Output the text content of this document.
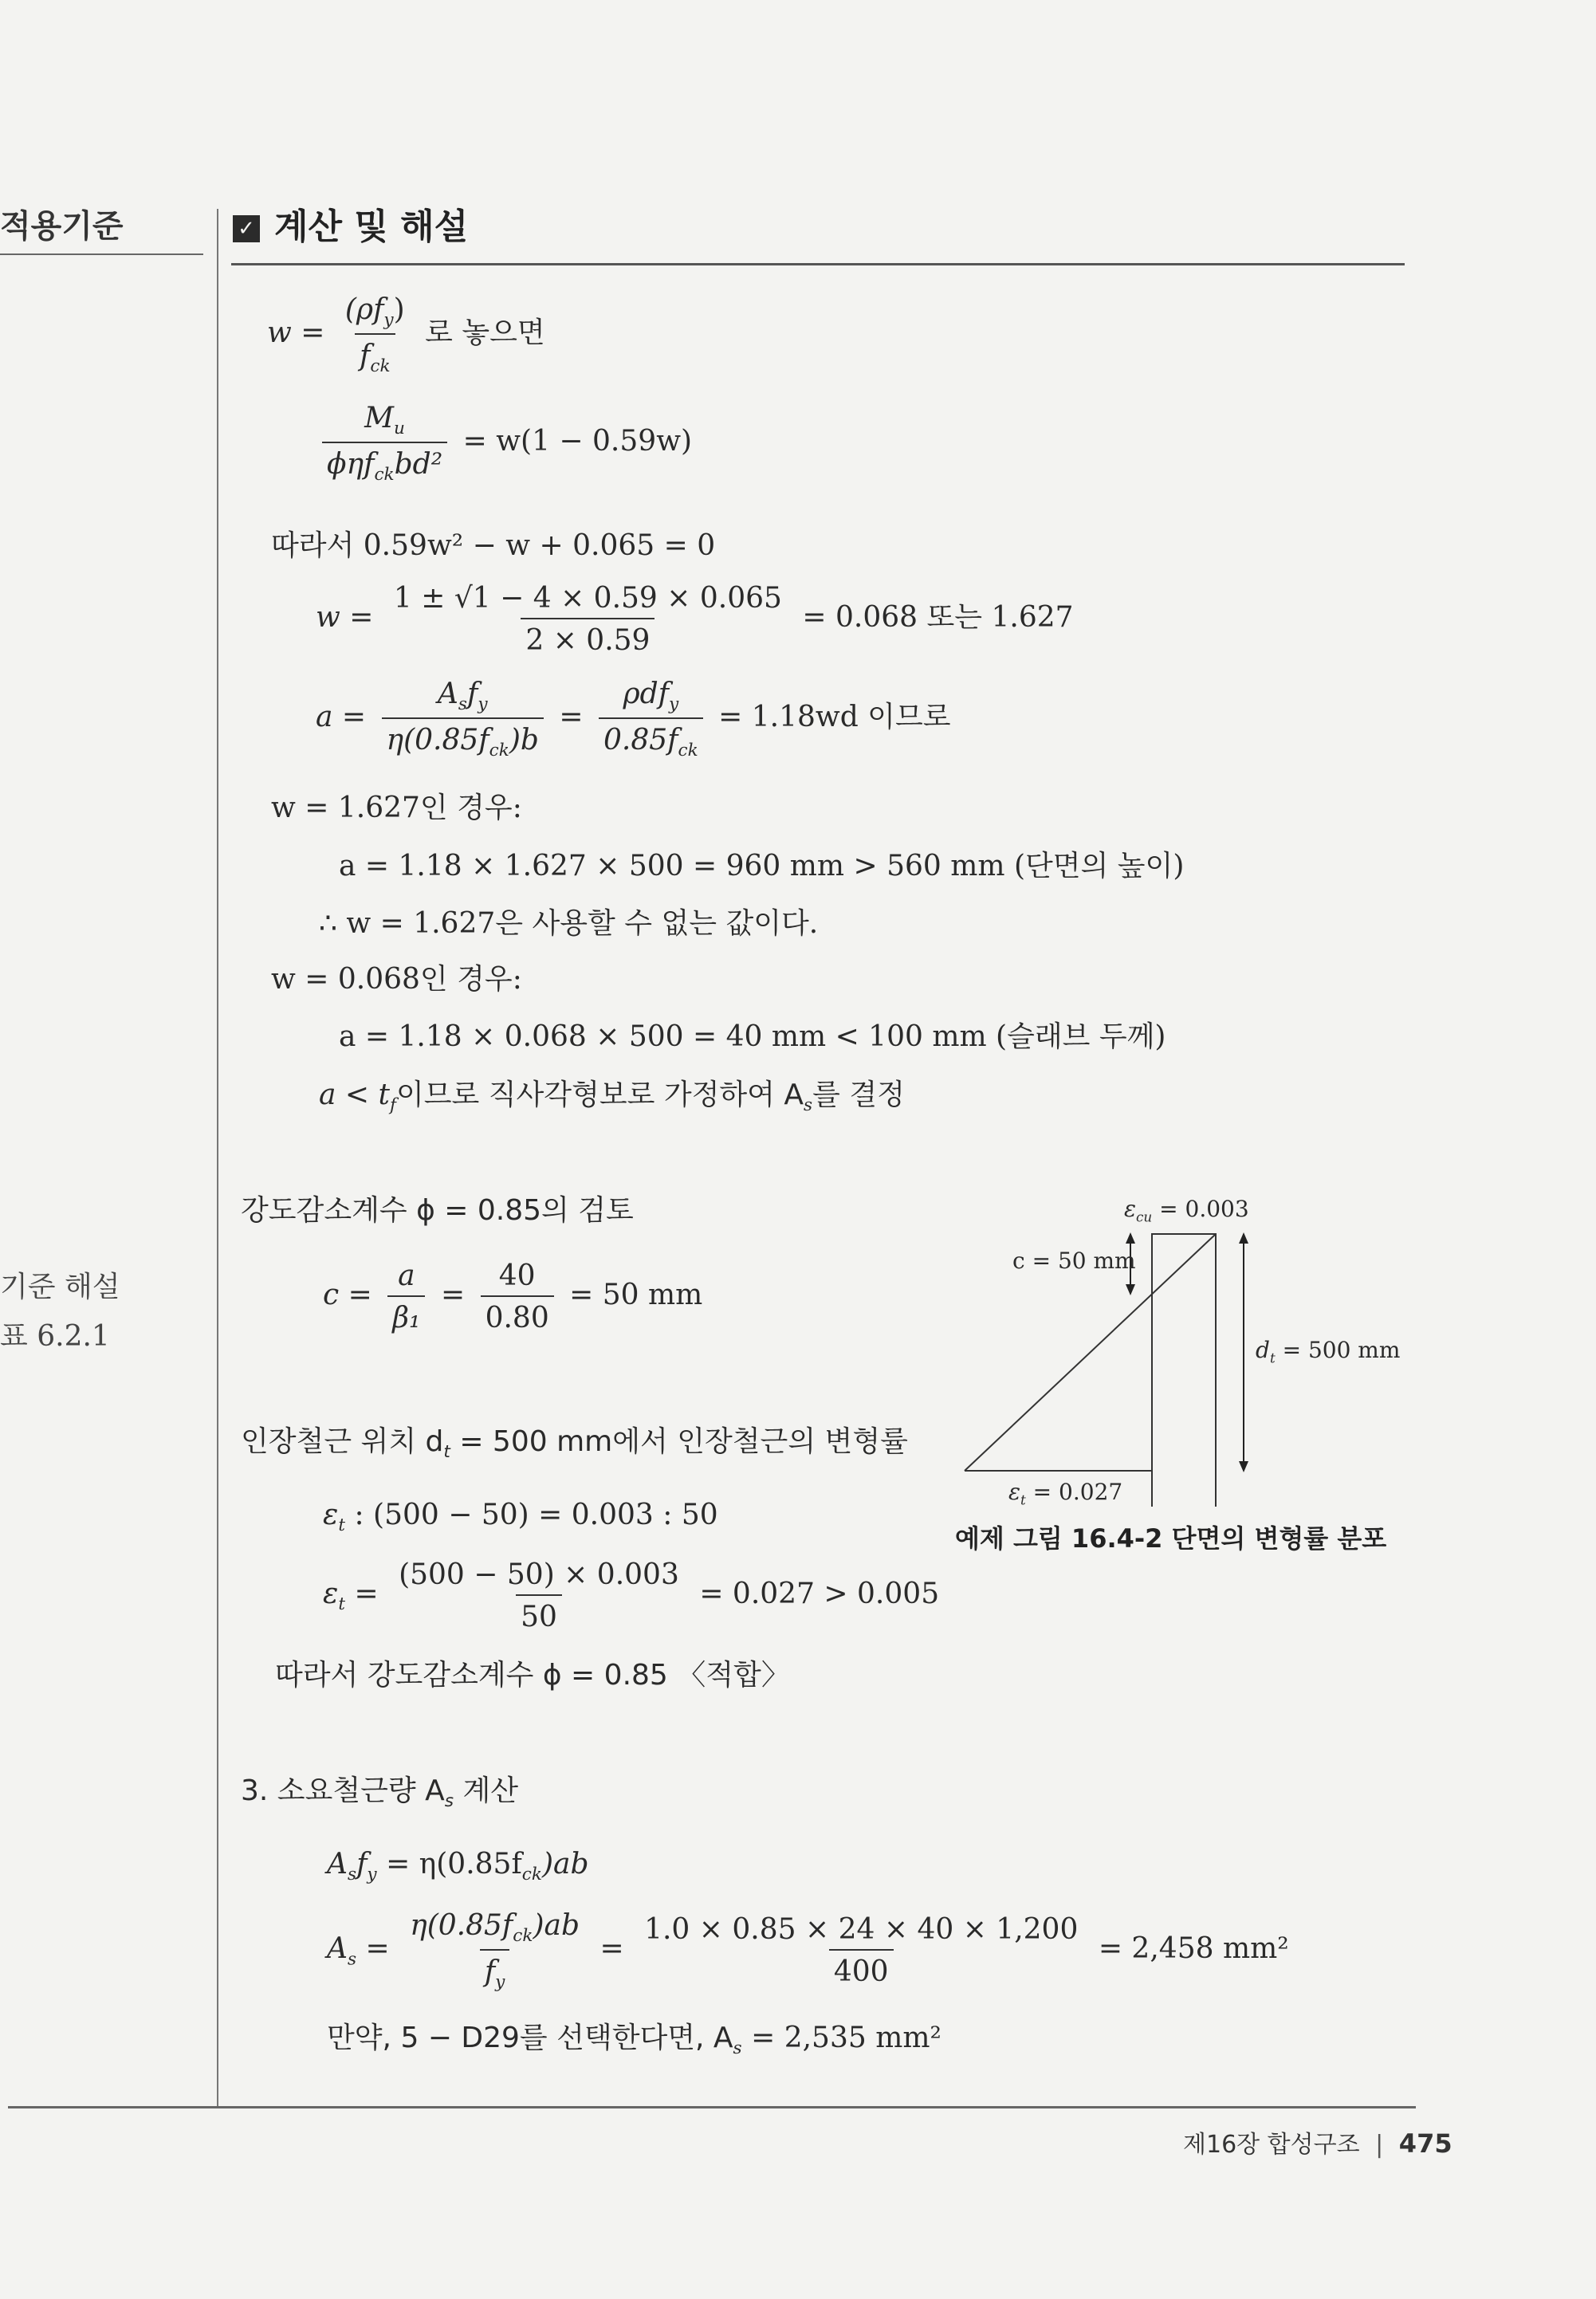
적용기준
기준 해설
표 6.2.1
✓ 계산 및 해설
$w = \frac{(\rho f_y)}{f_{ck}}$ 로 놓으면
$\frac{M_u}{\phi\eta f_{ck}bd^2} = w(1 - 0.59w)$
따라서 0.59w² − w + 0.065 = 0
$w = \frac{1 \pm √1 - 4 \times 0.59 \times 0.065}{2 \times 0.59} = 0.068$ 또는 1.627
$a = \frac{A_sf_y}{\eta(0.85f_{ck})b} = \frac{\rho df_y}{0.85f_{ck}} = 1.18wd$ 이므로
w = 1.627인 경우:
a = 1.18 × 1.627 × 500 = 960 mm > 560 mm (단면의 높이)
∴ w = 1.627은 사용할 수 없는 값이다.
w = 0.068인 경우:
a = 1.18 × 0.068 × 500 = 40 mm < 100 mm (슬래브 두께)
$a < t_f$이므로 직사각형보로 가정하여 $A_s$를 결정
강도감소계수 ϕ = 0.85의 검토
$c = \frac{a}{\text{β₁}} = \frac{40}{0.80} = 50$ mm
인장철근 위치 $d_t = 500$ mm에서 인장철근의 변형률
$\varepsilon_t$ : (500 − 50) = 0.003 : 50
$\varepsilon_t = \frac{(500 - 50) \times 0.003}{50} = 0.027 > 0.005$
따라서 강도감소계수 ϕ = 0.85 〈적합〉
3. 소요철근량 $A_s$ 계산
$A_sf_y = \eta(0.85f_{ck})ab$
$A_s = \frac{\eta(0.85f_{ck})ab}{f_y} = \frac{1.0 \times 0.85 \times 24 \times 40 \times 1,200}{400} = 2,458$ mm²
만약, 5 − D29를 선택한다면, $A_s = 2,535$ mm²
$\varepsilon_{cu} = 0.003$
c = 50 mm
$d_t = 500$ mm
$\varepsilon_t = 0.027$
예제 그림 16.4-2 단면의 변형률 분포
제16장 합성구조 | 475
